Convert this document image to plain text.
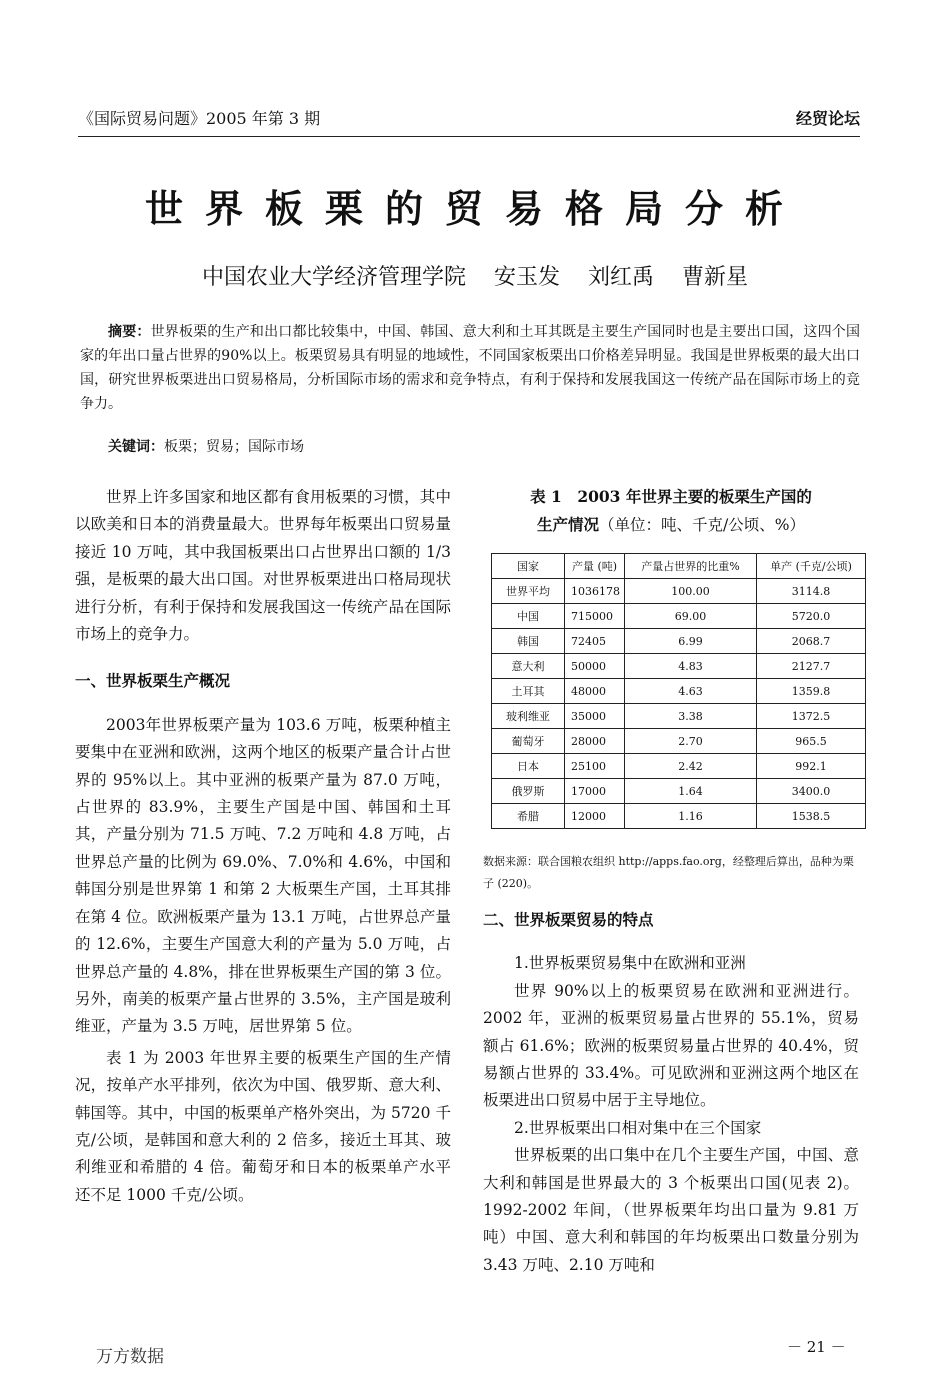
《国际贸易问题》2005 年第 3 期	经贸论坛
世界板栗的贸易格局分析
中国农业大学经济管理学院 安玉发 刘红禹 曹新星
摘要：世界板栗的生产和出口都比较集中，中国、韩国、意大利和土耳其既是主要生产国同时也是主要出口国，这四个国家的年出口量占世界的90%以上。板栗贸易具有明显的地域性，不同国家板栗出口价格差异明显。我国是世界板栗的最大出口国，研究世界板栗进出口贸易格局，分析国际市场的需求和竞争特点，有利于保持和发展我国这一传统产品在国际市场上的竞争力。
关键词：板栗；贸易；国际市场

世界上许多国家和地区都有食用板栗的习惯，其中以欧美和日本的消费量最大。世界每年板栗出口贸易量接近 10 万吨，其中我国板栗出口占世界出口额的 1/3 强，是板栗的最大出口国。对世界板栗进出口格局现状进行分析，有利于保持和发展我国这一传统产品在国际市场上的竞争力。

一、世界板栗生产概况

2003年世界板栗产量为 103.6 万吨，板栗种植主要集中在亚洲和欧洲，这两个地区的板栗产量合计占世界的 95%以上。其中亚洲的板栗产量为 87.0 万吨，占世界的 83.9%，主要生产国是中国、韩国和土耳其，产量分别为 71.5 万吨、7.2 万吨和 4.8 万吨，占世界总产量的比例为 69.0%、7.0%和 4.6%，中国和韩国分别是世界第 1 和第 2 大板栗生产国，土耳其排在第 4 位。欧洲板栗产量为 13.1 万吨，占世界总产量的 12.6%，主要生产国意大利的产量为 5.0 万吨，占世界总产量的 4.8%，排在世界板栗生产国的第 3 位。另外，南美的板栗产量占世界的 3.5%，主产国是玻利维亚，产量为 3.5 万吨，居世界第 5 位。

表 1 为 2003 年世界主要的板栗生产国的生产情况，按单产水平排列，依次为中国、俄罗斯、意大利、韩国等。其中，中国的板栗单产格外突出，为 5720 千克/公顷，是韩国和意大利的 2 倍多，接近土耳其、玻利维亚和希腊的 4 倍。葡萄牙和日本的板栗单产水平还不足 1000 千克/公顷。

表 1　2003 年世界主要的板栗生产国的
生产情况（单位：吨、千克/公顷、%）
国家	产量 (吨)	产量占世界的比重%	单产 (千克/公顷)
世界平均	1036178	100.00	3114.8
中国	715000	69.00	5720.0
韩国	72405	6.99	2068.7
意大利	50000	4.83	2127.7
土耳其	48000	4.63	1359.8
玻利维亚	35000	3.38	1372.5
葡萄牙	28000	2.70	965.5
日本	25100	2.42	992.1
俄罗斯	17000	1.64	3400.0
希腊	12000	1.16	1538.5
数据来源：联合国粮农组织 http://apps.fao.org，经整理后算出，品种为栗子 (220)。
二、世界板栗贸易的特点
1.世界板栗贸易集中在欧洲和亚洲

世界 90%以上的板栗贸易在欧洲和亚洲进行。2002 年，亚洲的板栗贸易量占世界的 55.1%，贸易额占 61.6%；欧洲的板栗贸易量占世界的 40.4%，贸易额占世界的 33.4%。可见欧洲和亚洲这两个地区在板栗进出口贸易中居于主导地位。

2.世界板栗出口相对集中在三个国家

世界板栗的出口集中在几个主要生产国，中国、意大利和韩国是世界最大的 3 个板栗出口国(见表 2)。1992-2002 年间，（世界板栗年均出口量为 9.81 万吨）中国、意大利和韩国的年均板栗出口数量分别为 3.43 万吨、2.10 万吨和

万方数据	－ 21 －
